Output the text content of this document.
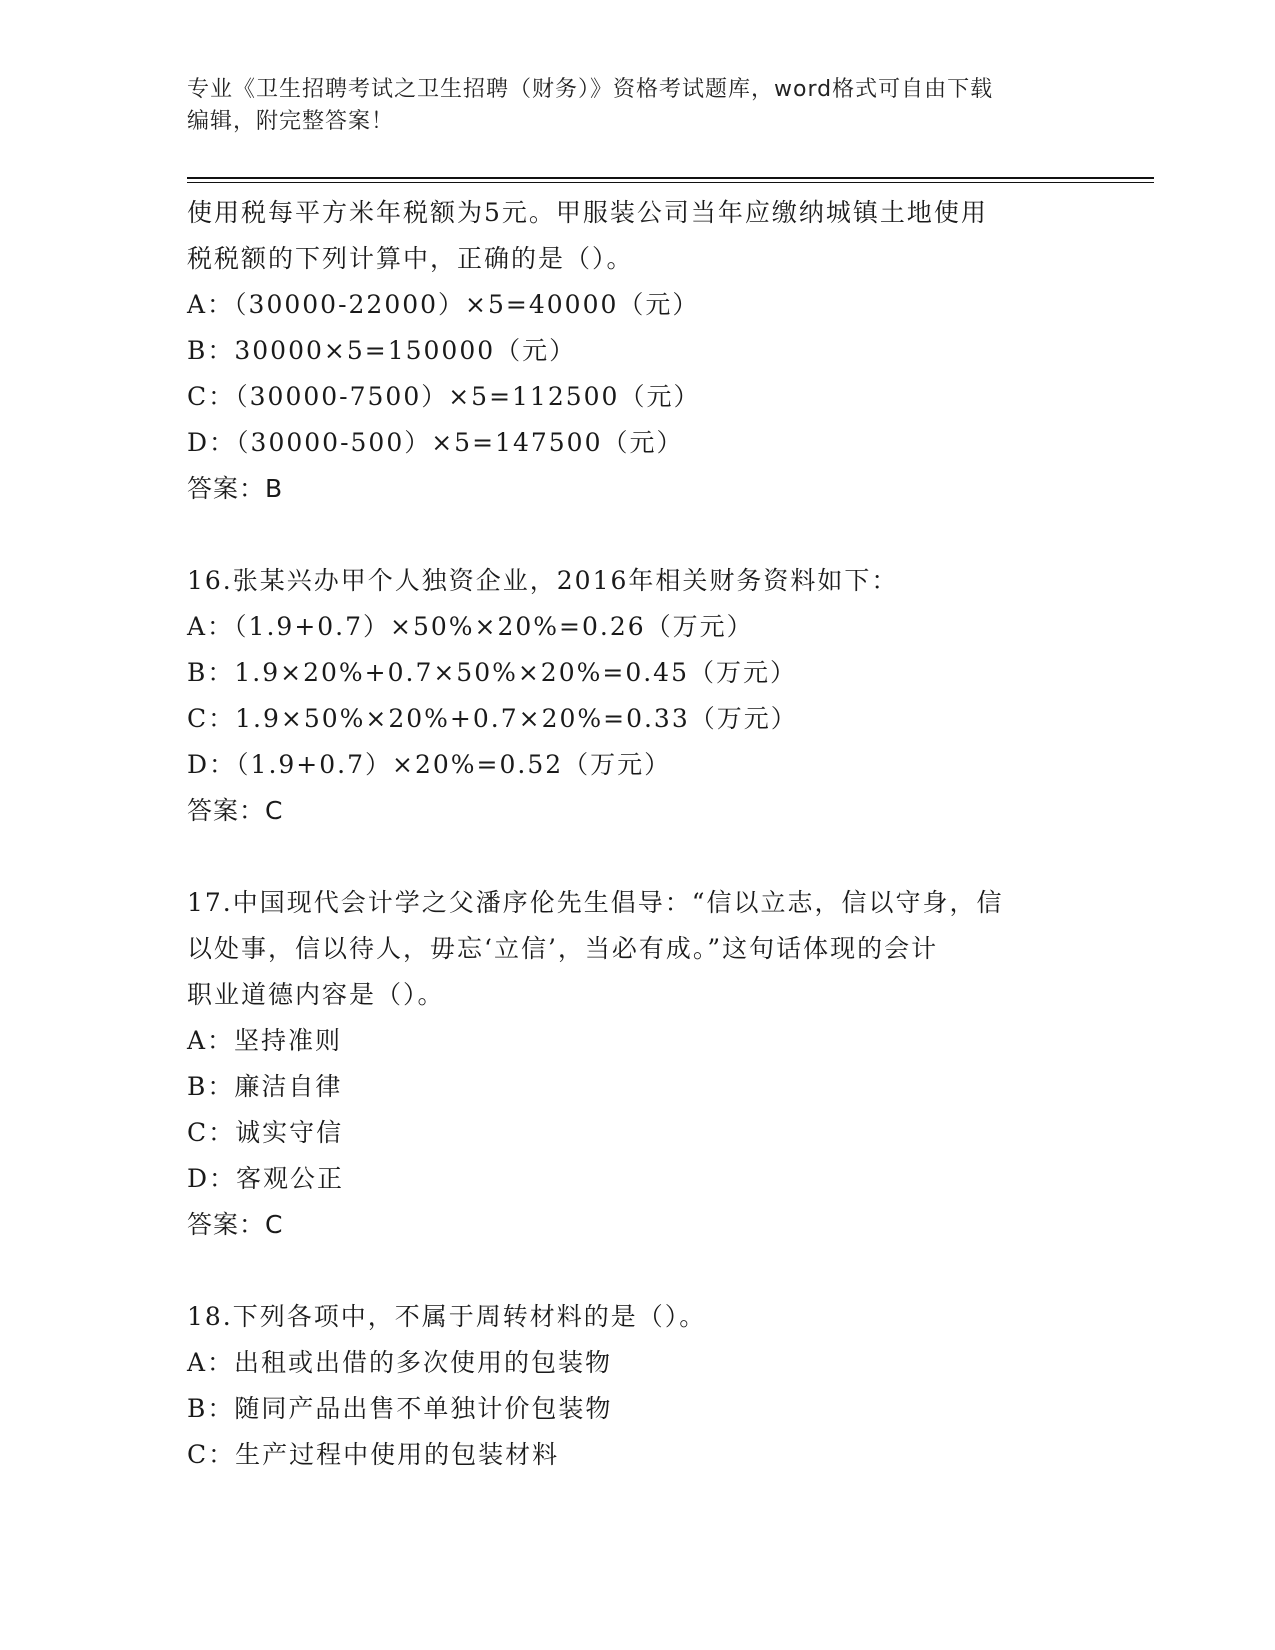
专业《卫生招聘考试之卫生招聘（财务）》资格考试题库，word格式可自由下载
编辑，附完整答案！
使用税每平方米年税额为5元。甲服装公司当年应缴纳城镇土地使用
税税额的下列计算中，正确的是（）。
A：（30000-22000）×5=40000（元）
B：30000×5=150000（元）
C：（30000-7500）×5=112500（元）
D：（30000-500）×5=147500（元）
答案：B
16.张某兴办甲个人独资企业，2016年相关财务资料如下：
A：（1.9+0.7）×50%×20%=0.26（万元）
B：1.9×20%+0.7×50%×20%=0.45（万元）
C：1.9×50%×20%+0.7×20%=0.33（万元）
D：（1.9+0.7）×20%=0.52（万元）
答案：C
17.中国现代会计学之父潘序伦先生倡导：“信以立志，信以守身，信
以处事，信以待人，毋忘‘立信’，当必有成。”这句话体现的会计
职业道德内容是（）。
A：坚持准则
B：廉洁自律
C：诚实守信
D：客观公正
答案：C
18.下列各项中，不属于周转材料的是（）。
A：出租或出借的多次使用的包装物
B：随同产品出售不单独计价包装物
C：生产过程中使用的包装材料
